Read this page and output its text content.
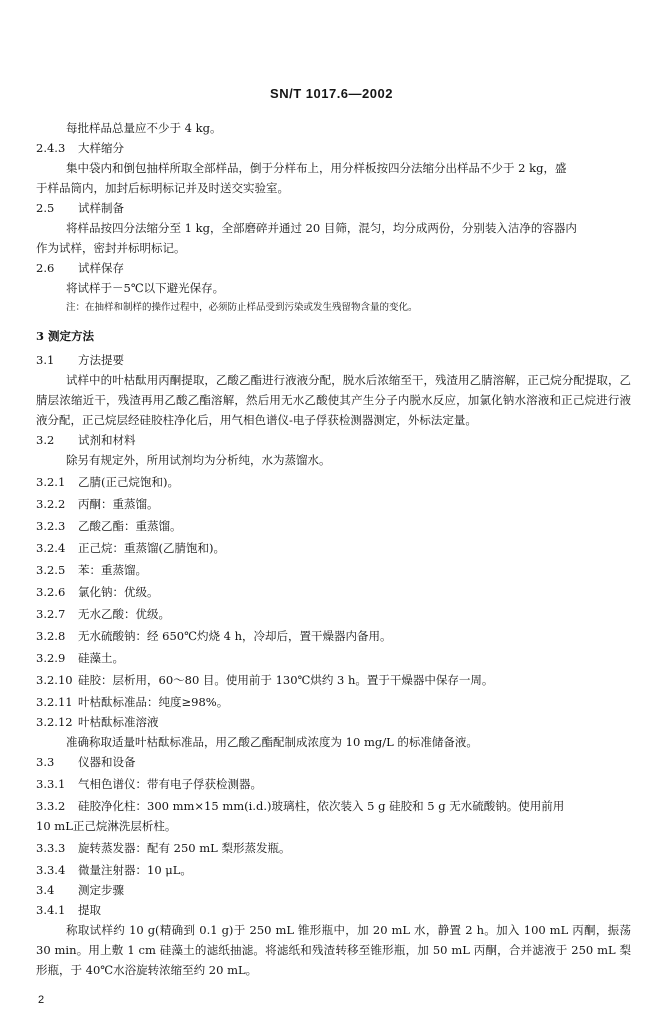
SN/T 1017.6—2002
每批样品总量应不少于 4 kg。
2.4.3 大样缩分
集中袋内和倒包抽样所取全部样品，倒于分样布上，用分样板按四分法缩分出样品不少于 2 kg，盛
于样品筒内，加封后标明标记并及时送交实验室。
2.5 试样制备
将样品按四分法缩分至 1 kg，全部磨碎并通过 20 目筛，混匀，均分成两份，分别装入洁净的容器内
作为试样，密封并标明标记。
2.6 试样保存
将试样于－5℃以下避光保存。
注：在抽样和制样的操作过程中，必须防止样品受到污染或发生残留物含量的变化。
3 测定方法
3.1 方法提要
试样中的叶枯酞用丙酮提取，乙酸乙酯进行液液分配，脱水后浓缩至干，残渣用乙腈溶解，正己烷分配提取，乙腈层浓缩近干，残渣再用乙酸乙酯溶解，然后用无水乙酸使其产生分子内脱水反应，加氯化钠水溶液和正己烷进行液液分配，正己烷层经硅胶柱净化后，用气相色谱仪-电子俘获检测器测定，外标法定量。
3.2 试剂和材料
除另有规定外，所用试剂均为分析纯，水为蒸馏水。
3.2.1 乙腈(正己烷饱和)。
3.2.2 丙酮：重蒸馏。
3.2.3 乙酸乙酯：重蒸馏。
3.2.4 正己烷：重蒸馏(乙腈饱和)。
3.2.5 苯：重蒸馏。
3.2.6 氯化钠：优级。
3.2.7 无水乙酸：优级。
3.2.8 无水硫酸钠：经 650℃灼烧 4 h，冷却后，置干燥器内备用。
3.2.9 硅藻土。
3.2.10 硅胶：层析用，60～80 目。使用前于 130℃烘约 3 h。置于干燥器中保存一周。
3.2.11 叶枯酞标准品：纯度≥98%。
3.2.12 叶枯酞标准溶液
准确称取适量叶枯酞标准品，用乙酸乙酯配制成浓度为 10 mg/L 的标准储备液。
3.3 仪器和设备
3.3.1 气相色谱仪：带有电子俘获检测器。
3.3.2 硅胶净化柱：300 mm×15 mm(i.d.)玻璃柱，依次装入 5 g 硅胶和 5 g 无水硫酸钠。使用前用
10 mL正己烷淋洗层析柱。
3.3.3 旋转蒸发器：配有 250 mL 梨形蒸发瓶。
3.3.4 微量注射器：10 μL。
3.4 测定步骤
3.4.1 提取
称取试样约 10 g(精确到 0.1 g)于 250 mL 锥形瓶中，加 20 mL 水，静置 2 h。加入 100 mL 丙酮，振荡 30 min。用上敷 1 cm 硅藻土的滤纸抽滤。将滤纸和残渣转移至锥形瓶，加 50 mL 丙酮，合并滤液于 250 mL 梨形瓶，于 40℃水浴旋转浓缩至约 20 mL。
2
